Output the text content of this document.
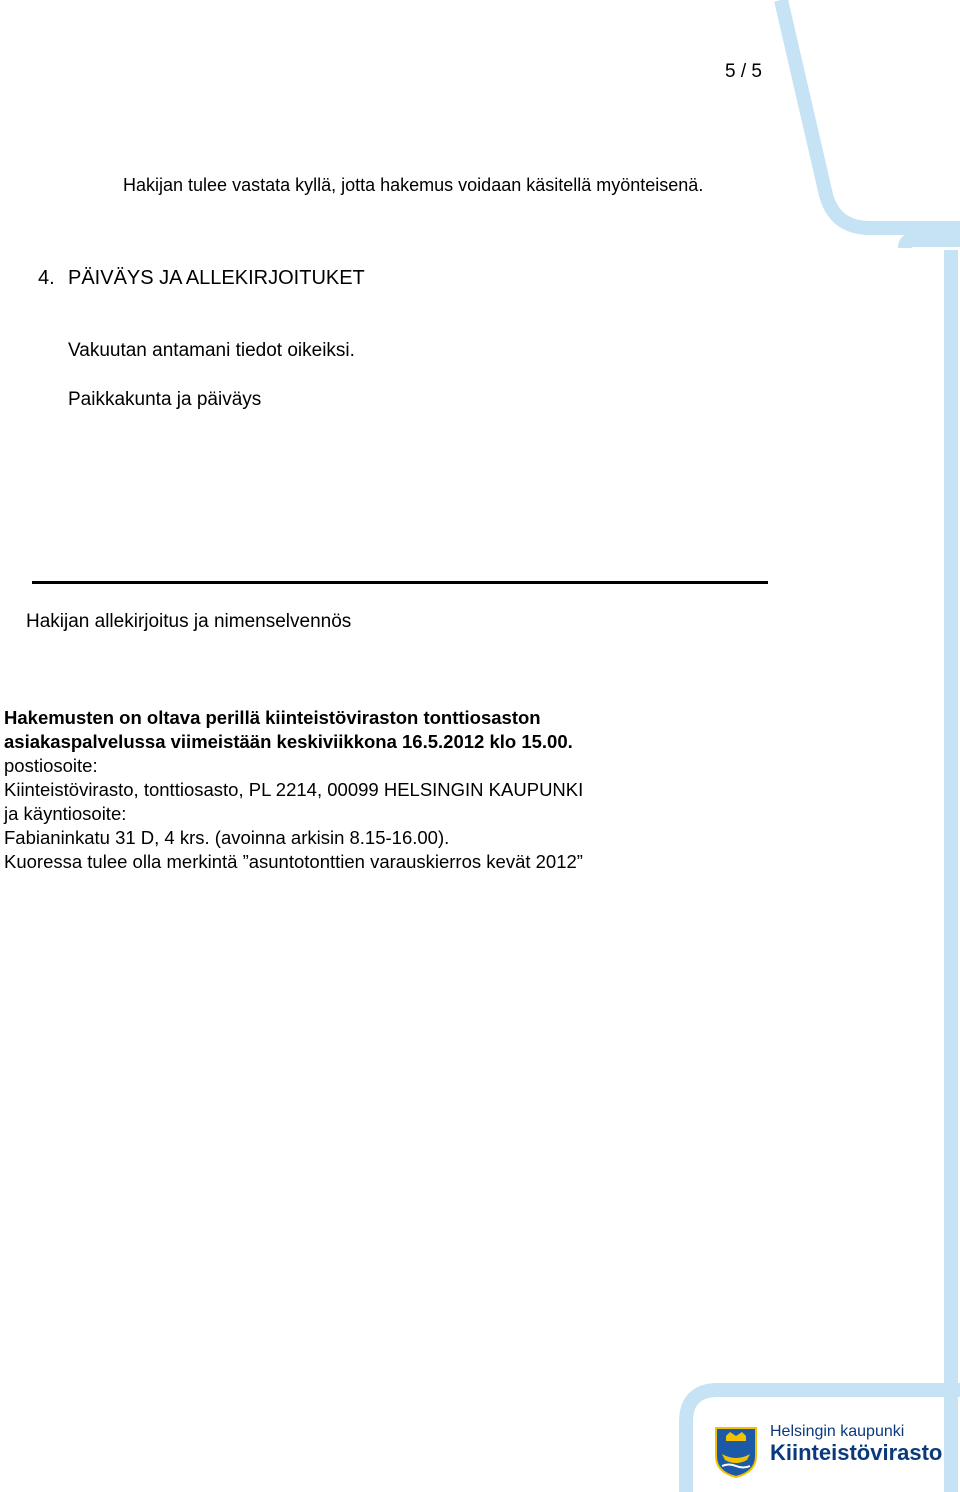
5 / 5
Hakijan tulee vastata kyllä, jotta hakemus voidaan käsitellä myönteisenä.
4. PÄIVÄYS JA ALLEKIRJOITUKET
Vakuutan antamani tiedot oikeiksi.
Paikkakunta ja päiväys
Hakijan allekirjoitus ja nimenselvennös

Hakemusten on oltava perillä kiinteistöviraston tonttiosaston

asiakaspalvelussa viimeistään keskiviikkona 16.5.2012 klo 15.00.

postiosoite:

Kiinteistövirasto, tonttiosasto, PL 2214, 00099 HELSINGIN KAUPUNKI

ja käyntiosoite:

Fabianinkatu 31 D, 4 krs. (avoinna arkisin 8.15-16.00).

Kuoressa tulee olla merkintä ”asuntotonttien varauskierros kevät 2012”

Helsingin kaupunki
Kiinteistövirasto
